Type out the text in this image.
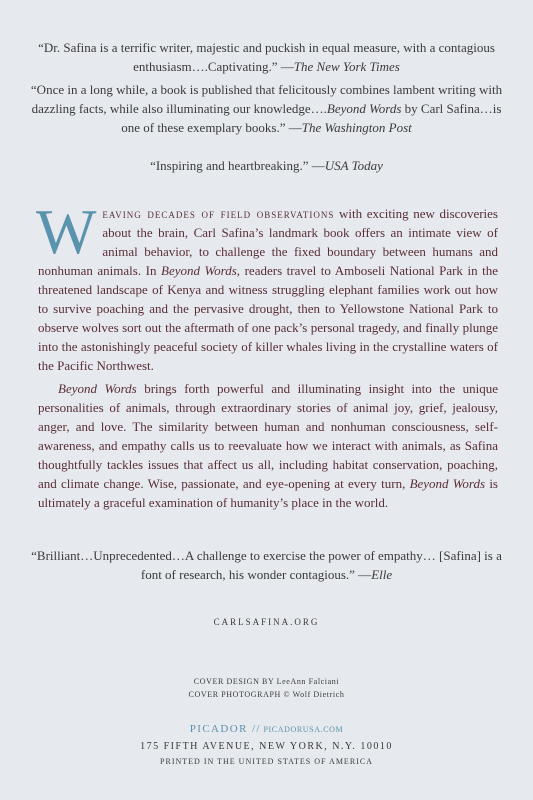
“Dr. Safina is a terrific writer, majestic and puckish in equal measure, with a contagious enthusiasm….Captivating.” —The New York Times
“Once in a long while, a book is published that felicitously combines lambent writing with dazzling facts, while also illuminating our knowledge….Beyond Words by Carl Safina…is one of these exemplary books.” —The Washington Post
“Inspiring and heartbreaking.” —USA Today
Weaving decades of field observations with exciting new discoveries about the brain, Carl Safina’s landmark book offers an intimate view of animal behavior, to challenge the fixed boundary between humans and nonhuman animals. In Beyond Words, readers travel to Amboseli National Park in the threatened landscape of Kenya and witness struggling elephant families work out how to survive poaching and the pervasive drought, then to Yellowstone National Park to observe wolves sort out the aftermath of one pack’s personal tragedy, and finally plunge into the astonishingly peaceful society of killer whales living in the crystalline waters of the Pacific Northwest.
Beyond Words brings forth powerful and illuminating insight into the unique personalities of animals, through extraordinary stories of animal joy, grief, jealousy, anger, and love. The similarity between human and nonhuman consciousness, self-awareness, and empathy calls us to reevaluate how we interact with animals, as Safina thoughtfully tackles issues that affect us all, including habitat conservation, poaching, and climate change. Wise, passionate, and eye-opening at every turn, Beyond Words is ultimately a graceful examination of humanity’s place in the world.
“Brilliant…Unprecedented…A challenge to exercise the power of empathy… [Safina] is a font of research, his wonder contagious.” —Elle
CARLSAFINA.ORG
COVER DESIGN BY LeeAnn Falciani
COVER PHOTOGRAPH © Wolf Dietrich
PICADOR // PICADORUSA.COM
175 FIFTH AVENUE, NEW YORK, N.Y. 10010
PRINTED IN THE UNITED STATES OF AMERICA
